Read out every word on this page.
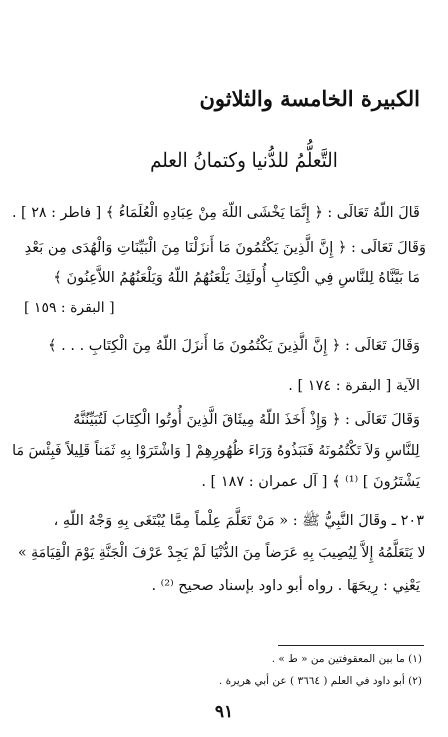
الكبيرة الخامسة والثلاثون
التَّعلُّمُ للدُّنيا وكتمانُ العلم
قَالَ اللّهُ تَعَالَى : ﴿ إِنَّمَا يَخْشَى اللّهَ مِنْ عِبَادِهِ الْعُلَمَاءُ ﴾ [ فاطر : ٢٨ ] .
وَقَالَ تَعَالَى : ﴿ إِنَّ الَّذِينَ يَكْتُمُونَ مَا أَنزَلْنَا مِنَ الْبَيِّنَاتِ وَالْهُدَى مِن بَعْدِ
مَا بَيَّنَّاهُ لِلنَّاسِ فِي الْكِتَابِ أُولَئِكَ يَلْعَنُهُمُ اللّهُ وَيَلْعَنُهُمُ اللاَّعِنُونَ ﴾
[ البقرة : ١٥٩ ]
وَقَالَ تَعَالَى : ﴿ إِنَّ الَّذِينَ يَكْتُمُونَ مَا أَنزَلَ اللّهُ مِنَ الْكِتَابِ . . . ﴾
الآية [ البقرة : ١٧٤ ] .
وَقَالَ تَعَالَى : ﴿ وَإِذْ أَخَذَ اللّهُ مِيثَاقَ الَّذِينَ أُوتُوا الْكِتَابَ لَتُبَيِّنُنَّهُ
لِلنَّاسِ وَلاَ تَكْتُمُونَهُ فَنَبَذُوهُ وَرَاءَ ظُهُورِهِمْ [ وَاشْتَرَوْا بِهِ ثَمَناً قَلِيلاً فَبِئْسَ مَا
يَشْتَرُونَ ] ⁽¹⁾ ﴾ [ آل عمران : ١٨٧ ] .
٢٠٣ ـ وقَالَ النَّبِيُّ ﷺ : « مَنْ تَعَلَّمَ عِلْماً مِمَّا يُبْتَغَى بِهِ وَجْهُ اللّهِ ،
لا يَتَعَلَّمُهُ إِلاَّ لِيُصِيبَ بِهِ عَرَضاً مِنَ الدُّنْيَا لَمْ يَجِدْ عَرْفَ الْجَنَّةِ يَوْمَ الْقِيَامَةِ »
يَعْنِي : رِيحَهَا . رواه أبو داود بإسناد صحيح ⁽²⁾ .
(١) ما بين المعقوفتين من « ط » .
(٢) أبو داود في العلم ( ٣٦٦٤ ) عن أبي هريرة .
٩١
